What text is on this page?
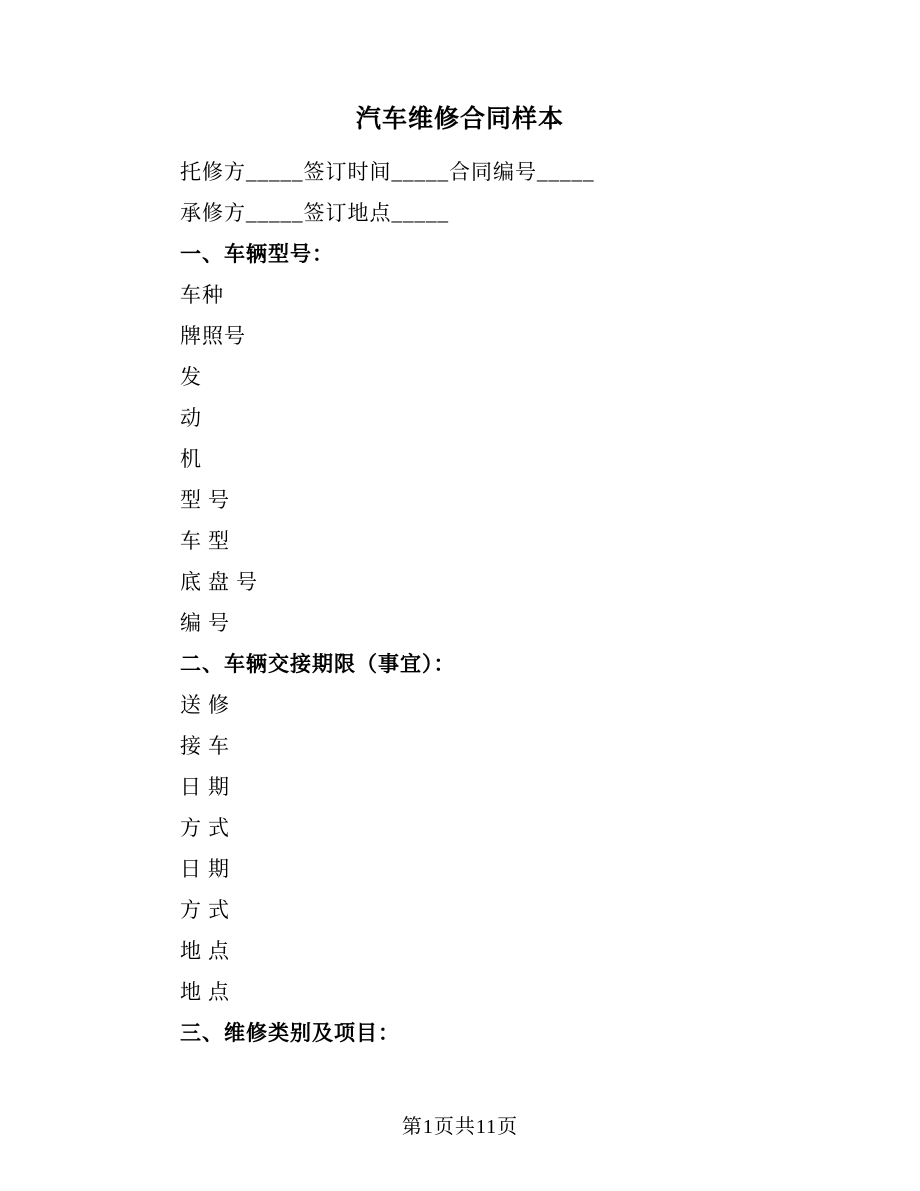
汽车维修合同样本
托修方_____签订时间_____合同编号_____
承修方_____签订地点_____
一、车辆型号：
车种
牌照号
发
动
机
型号
车型
底盘号
编号
二、车辆交接期限（事宜）：
送修
接车
日期
方式
日期
方式
地点
地点
三、维修类别及项目：
第1页共11页
